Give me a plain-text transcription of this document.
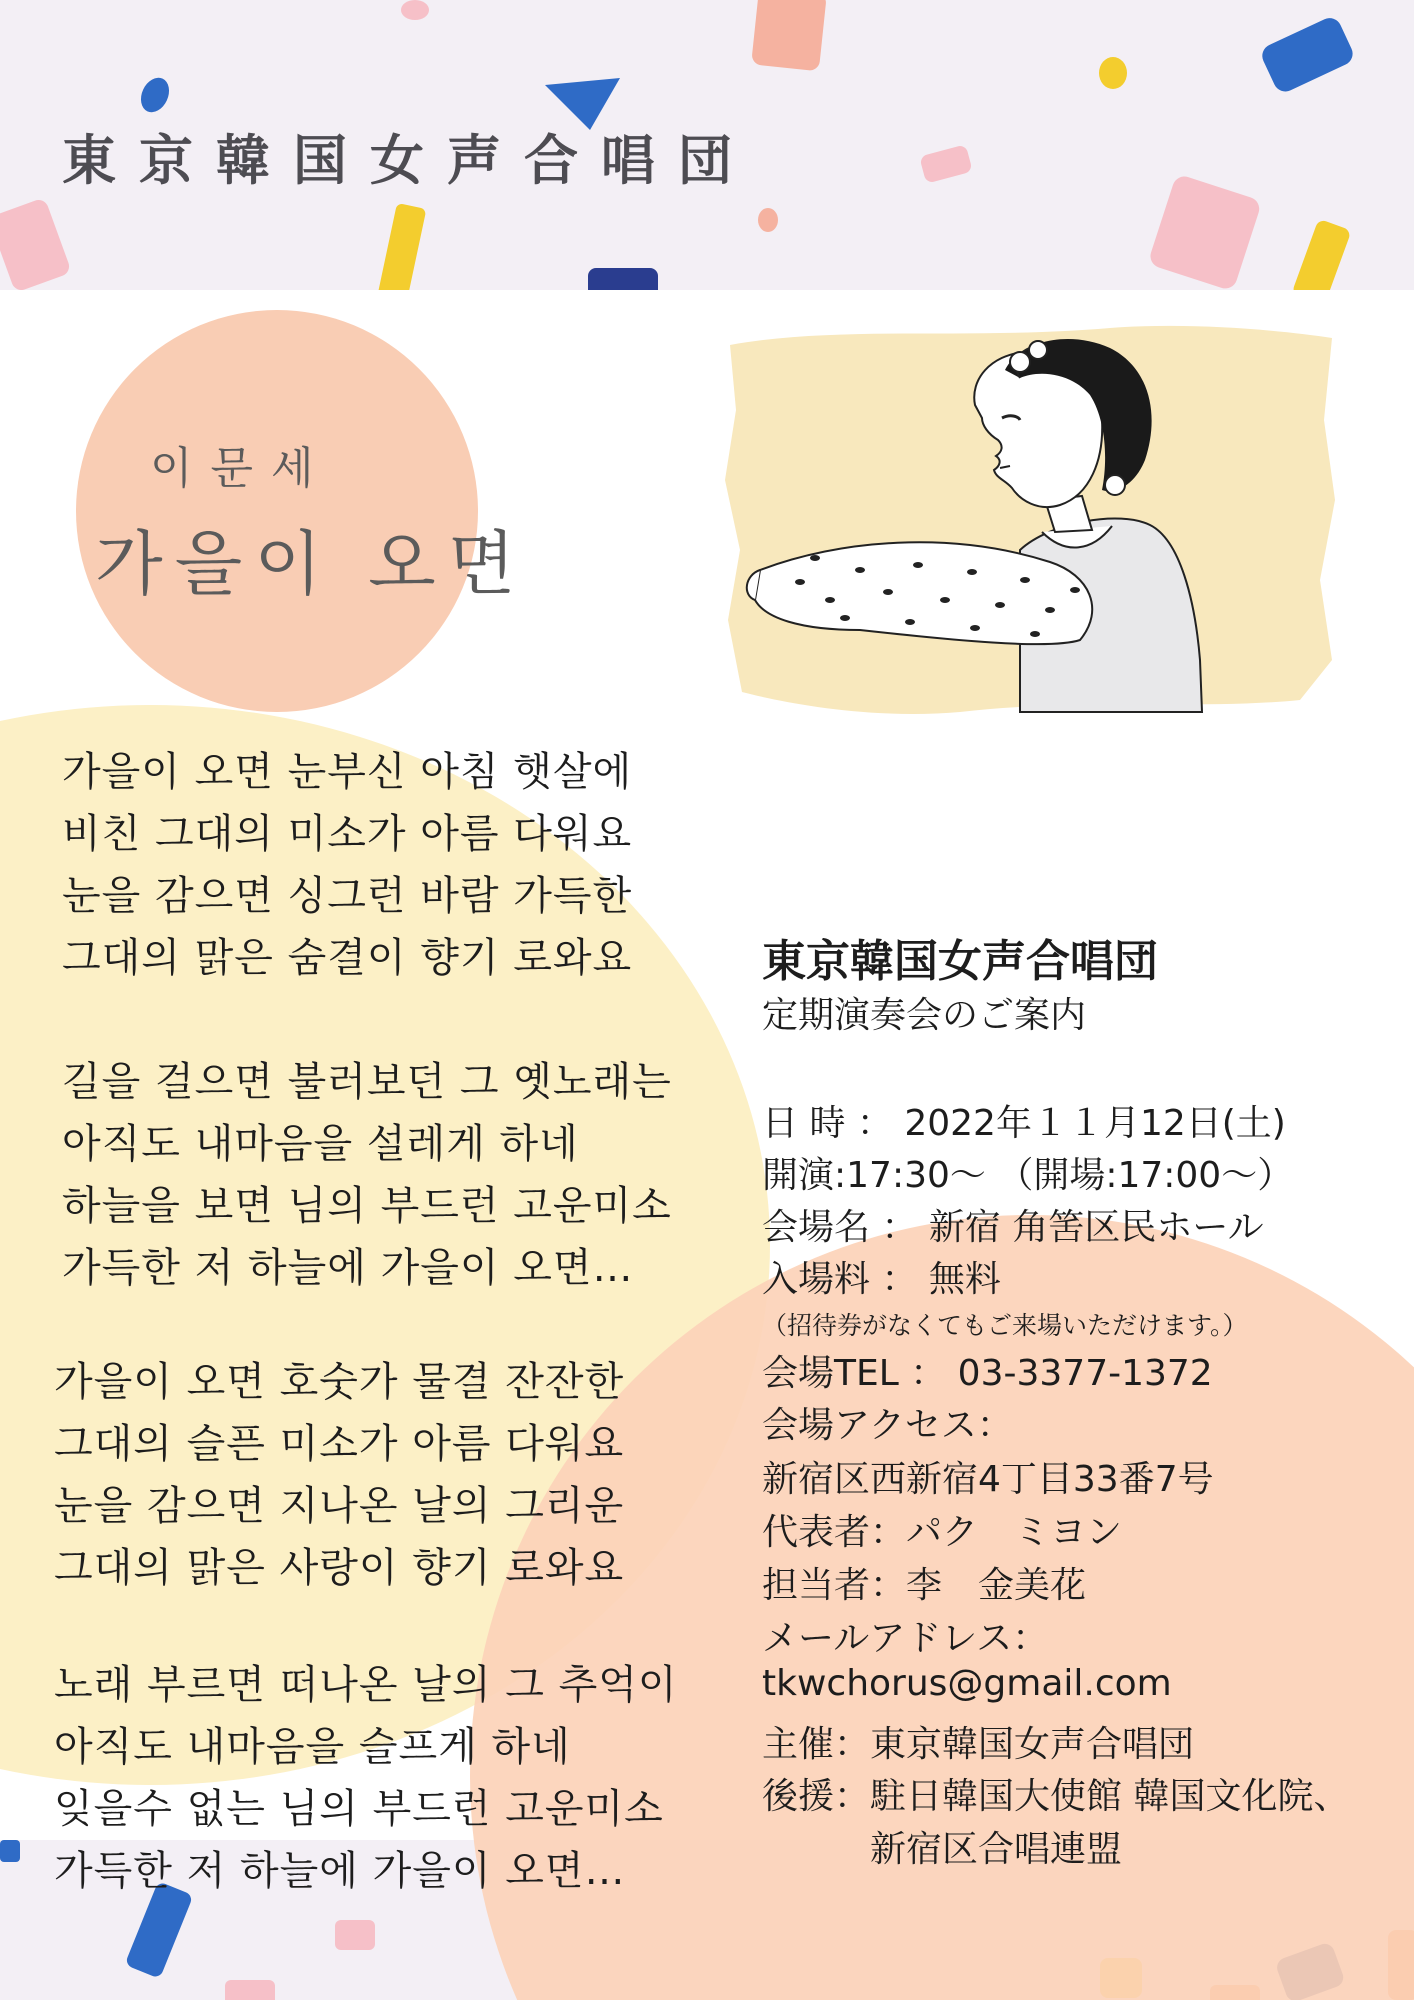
東京韓国女声合唱団
이문세
가을이 오면
가을이 오면 눈부신 아침 햇살에
비친 그대의 미소가 아름 다워요
눈을 감으면 싱그런 바람 가득한
그대의 맑은 숨결이 향기 로와요
길을 걸으면 불러보던 그 옛노래는
아직도 내마음을 설레게 하네
하늘을 보면 님의 부드런 고운미소
가득한 저 하늘에 가을이 오면…
가을이 오면 호숫가 물결 잔잔한
그대의 슬픈 미소가 아름 다워요
눈을 감으면 지나온 날의 그리운
그대의 맑은 사랑이 향기 로와요
노래 부르면 떠나온 날의 그 추억이
아직도 내마음을 슬프게 하네
잊을수 없는 님의 부드런 고운미소
가득한 저 하늘에 가을이 오면…
東京韓国女声合唱団
定期演奏会のご案内
日 時 ： 2022年１１月12日(土)
開演:17:30～ （開場:17:00～）
会場名 ： 新宿 角筈区民ホール
入場料 ： 無料
（招待券がなくてもご来場いただけます。）
会場TEL ： 03-3377-1372
会場アクセス：
新宿区西新宿4丁目33番7号
代表者：パク　ミヨン
担当者：李　金美花
メールアドレス：
tkwchorus@gmail.com
主催：東京韓国女声合唱団
後援：駐日韓国大使館 韓国文化院、
　　　新宿区合唱連盟
